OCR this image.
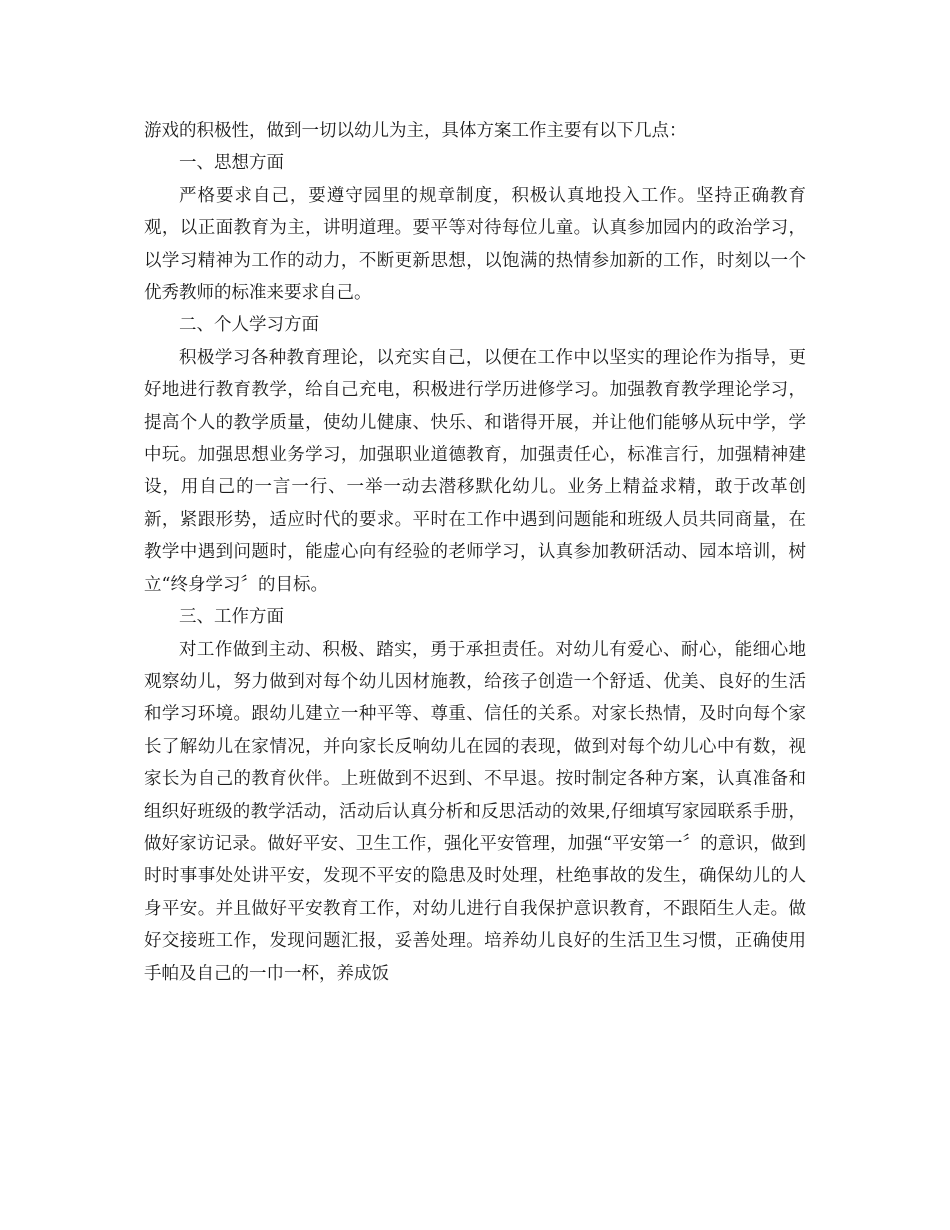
游戏的积极性，做到一切以幼儿为主，具体方案工作主要有以下几点：

一、思想方面

严格要求自己，要遵守园里的规章制度，积极认真地投入工作。坚持正确教育观，以正面教育为主，讲明道理。要平等对待每位儿童。认真参加园内的政治学习，以学习精神为工作的动力，不断更新思想，以饱满的热情参加新的工作，时刻以一个优秀教师的标准来要求自己。

二、个人学习方面

积极学习各种教育理论，以充实自己，以便在工作中以坚实的理论作为指导，更好地进行教育教学，给自己充电，积极进行学历进修学习。加强教育教学理论学习，提高个人的教学质量，使幼儿健康、快乐、和谐得开展，并让他们能够从玩中学，学中玩。加强思想业务学习，加强职业道德教育，加强责任心，标准言行，加强精神建设，用自己的一言一行、一举一动去潜移默化幼儿。业务上精益求精，敢于改革创新，紧跟形势，适应时代的要求。平时在工作中遇到问题能和班级人员共同商量，在教学中遇到问题时，能虚心向有经验的老师学习，认真参加教研活动、园本培训，树立“终身学习〞的目标。

三、工作方面

对工作做到主动、积极、踏实，勇于承担责任。对幼儿有爱心、耐心，能细心地观察幼儿，努力做到对每个幼儿因材施教，给孩子创造一个舒适、优美、良好的生活和学习环境。跟幼儿建立一种平等、尊重、信任的关系。对家长热情，及时向每个家长了解幼儿在家情况，并向家长反响幼儿在园的表现，做到对每个幼儿心中有数，视家长为自己的教育伙伴。上班做到不迟到、不早退。按时制定各种方案，认真准备和组织好班级的教学活动，活动后认真分析和反思活动的效果,仔细填写家园联系手册，做好家访记录。做好平安、卫生工作，强化平安管理，加强“平安第一〞的意识，做到时时事事处处讲平安，发现不平安的隐患及时处理，杜绝事故的发生，确保幼儿的人身平安。并且做好平安教育工作，对幼儿进行自我保护意识教育，不跟陌生人走。做好交接班工作，发现问题汇报，妥善处理。培养幼儿良好的生活卫生习惯，正确使用手帕及自己的一巾一杯，养成饭
